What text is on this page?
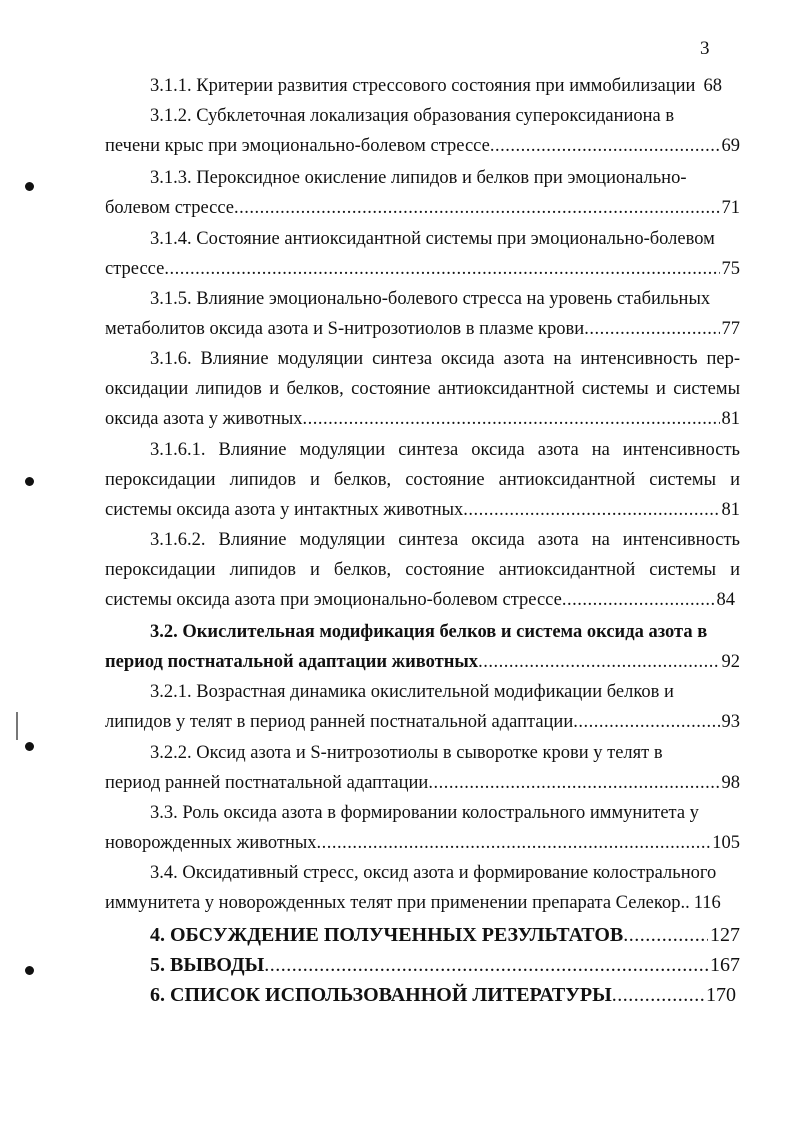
3
3.1.1. Критерии развития стрессового состояния при иммобилизации 68
3.1.2. Субклеточная локализация образования супероксиданиона в
печени крыс при эмоционально-болевом стрессе .....	69
3.1.3. Пероксидное окисление липидов и белков при эмоционально-
болевом стрессе .....	71
3.1.4. Состояние антиоксидантной системы при эмоционально-болевом
стрессе .....	75
3.1.5. Влияние эмоционально-болевого стресса на уровень стабильных
метаболитов оксида азота и S-нитрозотиолов в плазме крови .....	77
3.1.6. Влияние модуляции синтеза оксида азота на интенсивность пер-
оксидации липидов и белков, состояние антиоксидантной системы и системы
оксида азота у животных .....	81
3.1.6.1. Влияние модуляции синтеза оксида азота на интенсивность
пероксидации липидов и белков, состояние антиоксидантной системы и
системы оксида азота у интактных животных .....	81
3.1.6.2. Влияние модуляции синтеза оксида азота на интенсивность
пероксидации липидов и белков, состояние антиоксидантной системы и
системы оксида азота при эмоционально-болевом стрессе .....	84
3.2. Окислительная модификация белков и система оксида азота в
период постнатальной адаптации животных .....	92
3.2.1. Возрастная динамика окислительной модификации белков и
липидов у телят в период ранней постнатальной адаптации .....	93
3.2.2. Оксид азота и S-нитрозотиолы в сыворотке крови у телят в
период ранней постнатальной адаптации .....	98
3.3. Роль оксида азота в формировании колострального иммунитета у
новорожденных животных .....	105
3.4. Оксидативный стресс, оксид азота и формирование колострального
иммунитета у новорожденных телят при применении препарата Селекор.. 116
4. ОБСУЖДЕНИЕ ПОЛУЧЕННЫХ РЕЗУЛЬТАТОВ .....	127
5. ВЫВОДЫ .....	167
6. СПИСОК ИСПОЛЬЗОВАННОЙ ЛИТЕРАТУРЫ .....	170
